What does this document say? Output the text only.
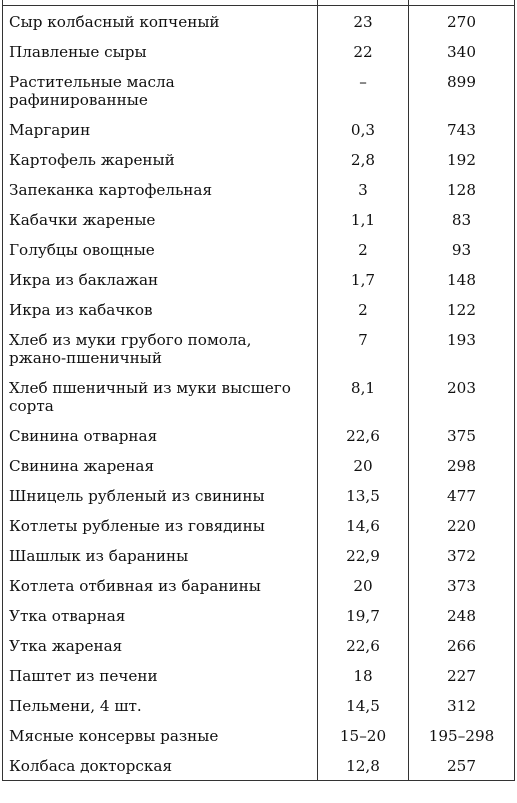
Сыр колбасный копченый	23	270
Плавленые сыры	22	340
Растительные масла рафинированные	–	899
Маргарин	0,3	743
Картофель жареный	2,8	192
Запеканка картофельная	3	128
Кабачки жареные	1,1	83
Голубцы овощные	2	93
Икра из баклажан	1,7	148
Икра из кабачков	2	122
Хлеб из муки грубого помола, ржано-пшеничный	7	193
Хлеб пшеничный из муки высшего сорта	8,1	203
Свинина отварная	22,6	375
Свинина жареная	20	298
Шницель рубленый из свинины	13,5	477
Котлеты рубленые из говядины	14,6	220
Шашлык из баранины	22,9	372
Котлета отбивная из баранины	20	373
Утка отварная	19,7	248
Утка жареная	22,6	266
Паштет из печени	18	227
Пельмени, 4 шт.	14,5	312
Мясные консервы разные	15–20	195–298
Колбаса докторская	12,8	257
